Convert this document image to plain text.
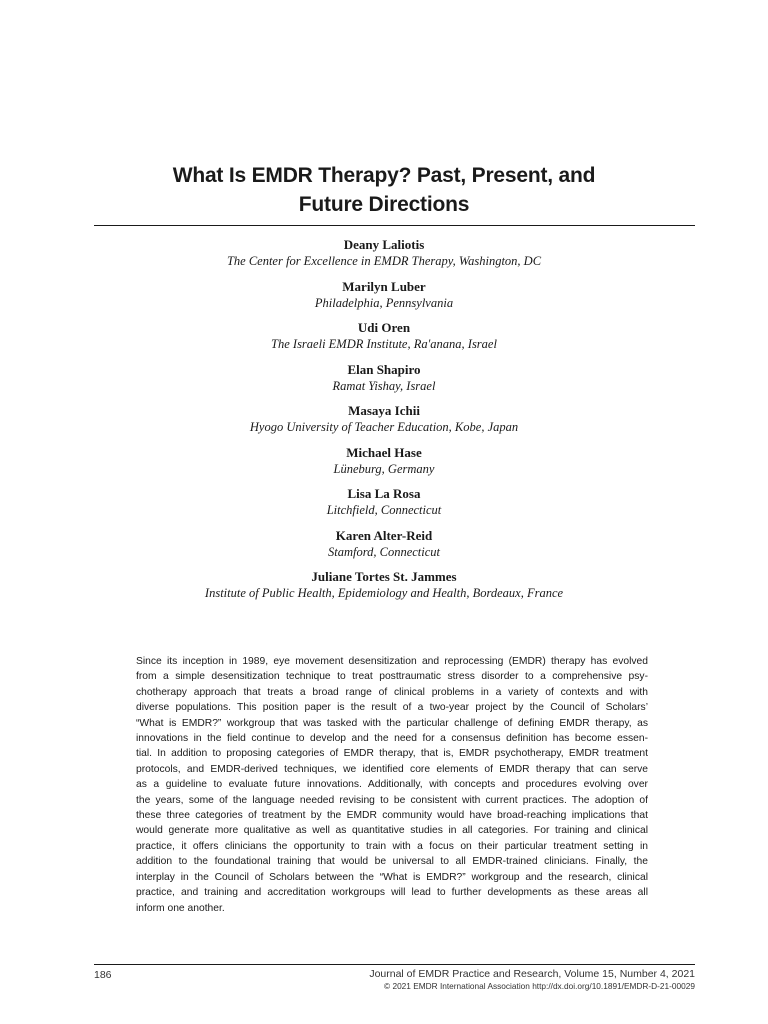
What Is EMDR Therapy? Past, Present, and
Future Directions
Deany Laliotis
The Center for Excellence in EMDR Therapy, Washington, DC
Marilyn Luber
Philadelphia, Pennsylvania
Udi Oren
The Israeli EMDR Institute, Ra'anana, Israel
Elan Shapiro
Ramat Yishay, Israel
Masaya Ichii
Hyogo University of Teacher Education, Kobe, Japan
Michael Hase
Lüneburg, Germany
Lisa La Rosa
Litchfield, Connecticut
Karen Alter-Reid
Stamford, Connecticut
Juliane Tortes St. Jammes
Institute of Public Health, Epidemiology and Health, Bordeaux, France
Since its inception in 1989, eye movement desensitization and reprocessing (EMDR) therapy has evolved
from a simple desensitization technique to treat posttraumatic stress disorder to a comprehensive psy-
chotherapy approach that treats a broad range of clinical problems in a variety of contexts and with
diverse populations. This position paper is the result of a two-year project by the Council of Scholars’
“What is EMDR?” workgroup that was tasked with the particular challenge of defining EMDR therapy, as
innovations in the field continue to develop and the need for a consensus definition has become essen-
tial. In addition to proposing categories of EMDR therapy, that is, EMDR psychotherapy, EMDR treatment
protocols, and EMDR-derived techniques, we identified core elements of EMDR therapy that can serve
as a guideline to evaluate future innovations. Additionally, with concepts and procedures evolving over
the years, some of the language needed revising to be consistent with current practices. The adoption of
these three categories of treatment by the EMDR community would have broad-reaching implications that
would generate more qualitative as well as quantitative studies in all categories. For training and clinical
practice, it offers clinicians the opportunity to train with a focus on their particular treatment setting in
addition to the foundational training that would be universal to all EMDR-trained clinicians. Finally, the
interplay in the Council of Scholars between the “What is EMDR?” workgroup and the research, clinical
practice, and training and accreditation workgroups will lead to further developments as these areas all
inform one another.
186	Journal of EMDR Practice and Research, Volume 15, Number 4, 2021
© 2021 EMDR International Association http://dx.doi.org/10.1891/EMDR-D-21-00029
